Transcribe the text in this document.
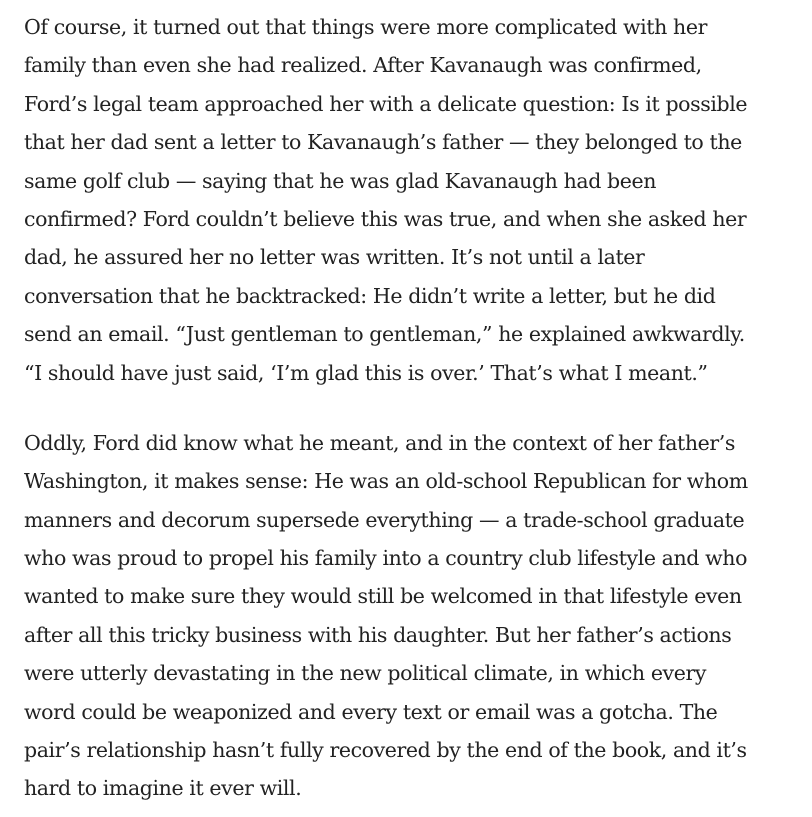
Of course, it turned out that things were more complicated with her
family than even she had realized. After Kavanaugh was confirmed,
Ford’s legal team approached her with a delicate question: Is it possible
that her dad sent a letter to Kavanaugh’s father — they belonged to the
same golf club — saying that he was glad Kavanaugh had been
confirmed? Ford couldn’t believe this was true, and when she asked her
dad, he assured her no letter was written. It’s not until a later
conversation that he backtracked: He didn’t write a letter, but he did
send an email. “Just gentleman to gentleman,” he explained awkwardly.
“I should have just said, ‘I’m glad this is over.’ That’s what I meant.”

Oddly, Ford did know what he meant, and in the context of her father’s
Washington, it makes sense: He was an old-school Republican for whom
manners and decorum supersede everything — a trade-school graduate
who was proud to propel his family into a country club lifestyle and who
wanted to make sure they would still be welcomed in that lifestyle even
after all this tricky business with his daughter. But her father’s actions
were utterly devastating in the new political climate, in which every
word could be weaponized and every text or email was a gotcha. The
pair’s relationship hasn’t fully recovered by the end of the book, and it’s
hard to imagine it ever will.
